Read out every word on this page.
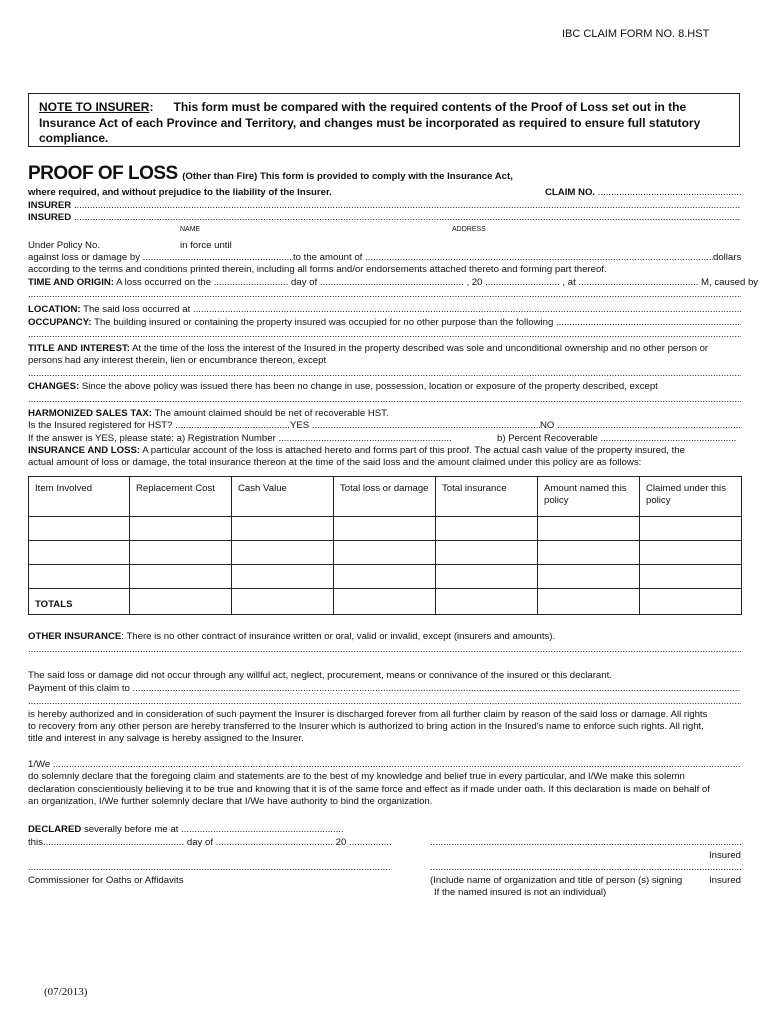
IBC CLAIM FORM NO. 8.HST
NOTE TO INSURER: This form must be compared with the required contents of the Proof of Loss set out in the Insurance Act of each Province and Territory, and changes must be incorporated as required to ensure full statutory compliance.
PROOF OF LOSS (Other than Fire) This form is provided to comply with the Insurance Act,
where required, and without prejudice to the liability of the Insurer.	CLAIM NO. .....
INSURER .....
INSURED .....
NAME	ADDRESS
Under Policy No.	in force until
against loss or damage by .....	to the amount of .....	dollars
according to the terms and conditions printed therein, including all forms and/or endorsements attached thereto and forming part thereof.
TIME AND ORIGIN: A loss occurred on the ............................ day of ...................................................... , 20 ............................ , at ............................................. M, caused by
.....
LOCATION: The said loss occurred at .....
OCCUPANCY: The building insured or containing the property insured was occupied for no other purpose than the following .....
.....
TITLE AND INTEREST: At the time of the loss the interest of the Insured in the property described was sole and unconditional ownership and no other person or
persons had any interest therein, lien or encumbrance thereon, except
.....
CHANGES: Since the above policy was issued there has been no change in use, possession, location or exposure of the property described, except
.....
HARMONIZED SALES TAX: The amount claimed should be net of recoverable HST.
Is the Insured registered for HST? .....	YES .....	NO .....
If the answer is YES, please state: a) Registration Number .....	b) Percent Recoverable .....
INSURANCE AND LOSS: A particular account of the loss is attached hereto and forms part of this proof. The actual cash value of the property insured, the
actual amount of loss or damage, the total insurance thereon at the time of the said loss and the amount claimed under this policy are as follows:
Item Involved	Replacement Cost	Cash Value	Total loss or damage	Total insurance	Amount named this policy	Claimed under this policy

TOTALS						
OTHER INSURANCE: There is no other contract of insurance written or oral, valid or invalid, except (insurers and amounts).
.....
The said loss or damage did not occur through any willful act, neglect, procurement, means or connivance of the insured or this declarant.
Payment of this claim to .....
.....
is hereby authorized and in consideration of such payment the Insurer is discharged forever from all further claim by reason of the said loss or damage. All rights
to recovery from any other person are hereby transferred to the Insurer which is authorized to bring action in the Insured's name to enforce such rights. All right,
title and interest in any salvage is hereby assigned to the Insurer.
1/We .....
do solemnly declare that the foregoing claim and statements are to the best of my knowledge and belief true in every particular, and I/We make this solemn
declaration conscientiously believing it to be true and knowing that it is of the same force and effect as if made under oath. If this declaration is made on behalf of
an organization, I/We further solemnly declare that I/We have authority to bind the organization.
DECLARED severally before me at .....
this..................................................... day of ............................................ 20 ................
.....
Insured
.....
.....
Commissioner for Oaths or Affidavits	(Include name of organization and title of person (s) signing	Insured
If the named insured is not an individual)
(07/2013)
